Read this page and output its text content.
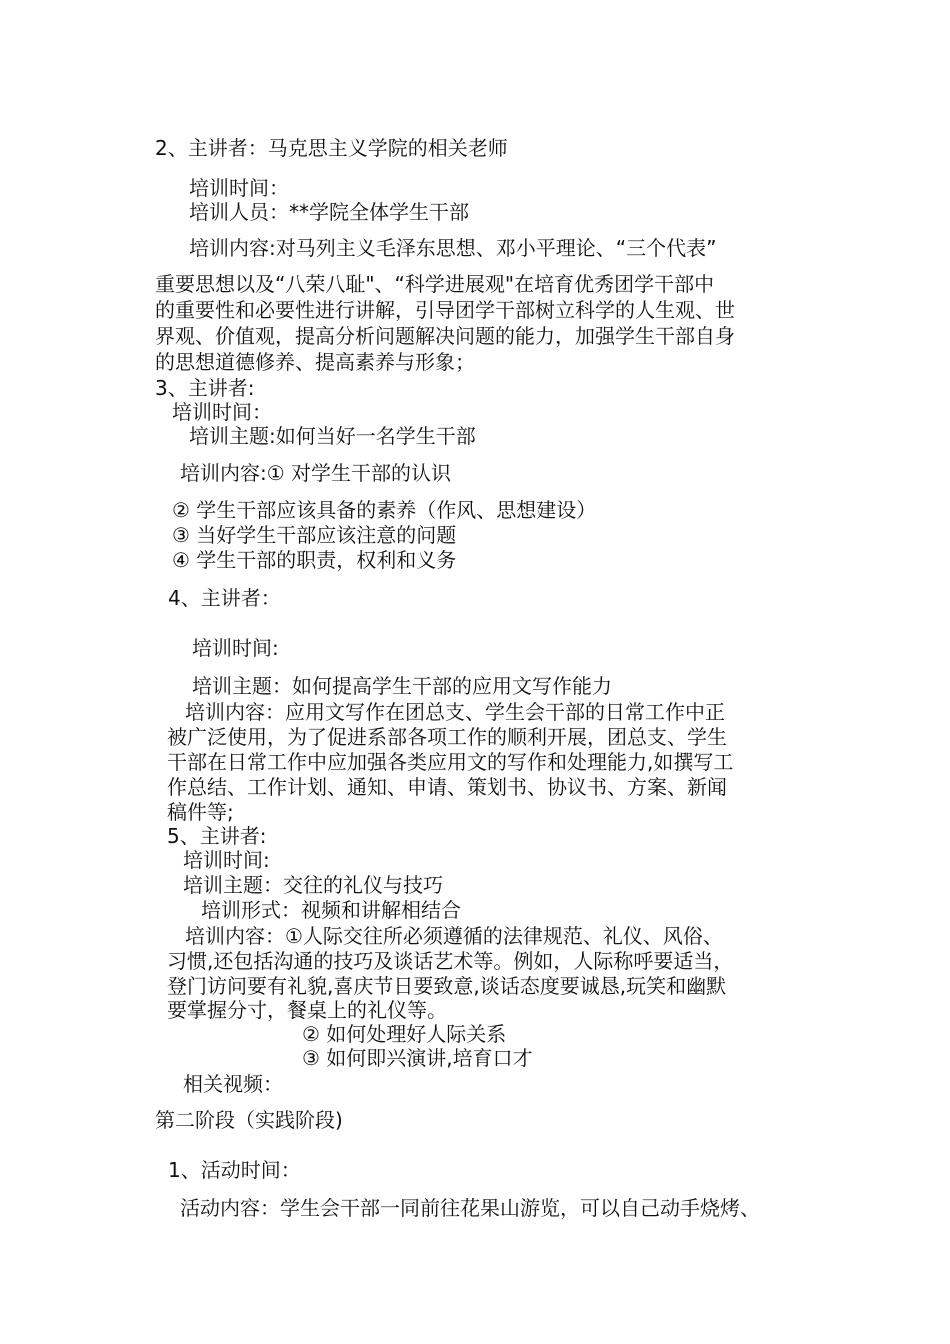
2、主讲者：马克思主义学院的相关老师
培训时间：
培训人员：**学院全体学生干部
培训内容:对马列主义毛泽东思想、邓小平理论、“三个代表”
重要思想以及“八荣八耻"、“科学进展观"在培育优秀团学干部中
的重要性和必要性进行讲解，引导团学干部树立科学的人生观、世
界观、价值观，提高分析问题解决问题的能力，加强学生干部自身
的思想道德修养、提高素养与形象；
3、主讲者:
培训时间：
培训主题:如何当好一名学生干部
培训内容:① 对学生干部的认识
② 学生干部应该具备的素养（作风、思想建设）
③ 当好学生干部应该注意的问题
④ 学生干部的职责，权利和义务
4、主讲者：
培训时间:
培训主题：如何提高学生干部的应用文写作能力
培训内容：应用文写作在团总支、学生会干部的日常工作中正
被广泛使用，为了促进系部各项工作的顺利开展，团总支、学生
干部在日常工作中应加强各类应用文的写作和处理能力,如撰写工
作总结、工作计划、通知、申请、策划书、协议书、方案、新闻
稿件等;
5、主讲者:
培训时间:
培训主题：交往的礼仪与技巧
培训形式：视频和讲解相结合
培训内容：①人际交往所必须遵循的法律规范、礼仪、风俗、
习惯,还包括沟通的技巧及谈话艺术等。例如，人际称呼要适当，
登门访问要有礼貌,喜庆节日要致意,谈话态度要诚恳,玩笑和幽默
要掌握分寸，餐桌上的礼仪等。
② 如何处理好人际关系
③ 如何即兴演讲,培育口才
相关视频：
第二阶段（实践阶段)
1、活动时间：
活动内容：学生会干部一同前往花果山游览，可以自己动手烧烤、
